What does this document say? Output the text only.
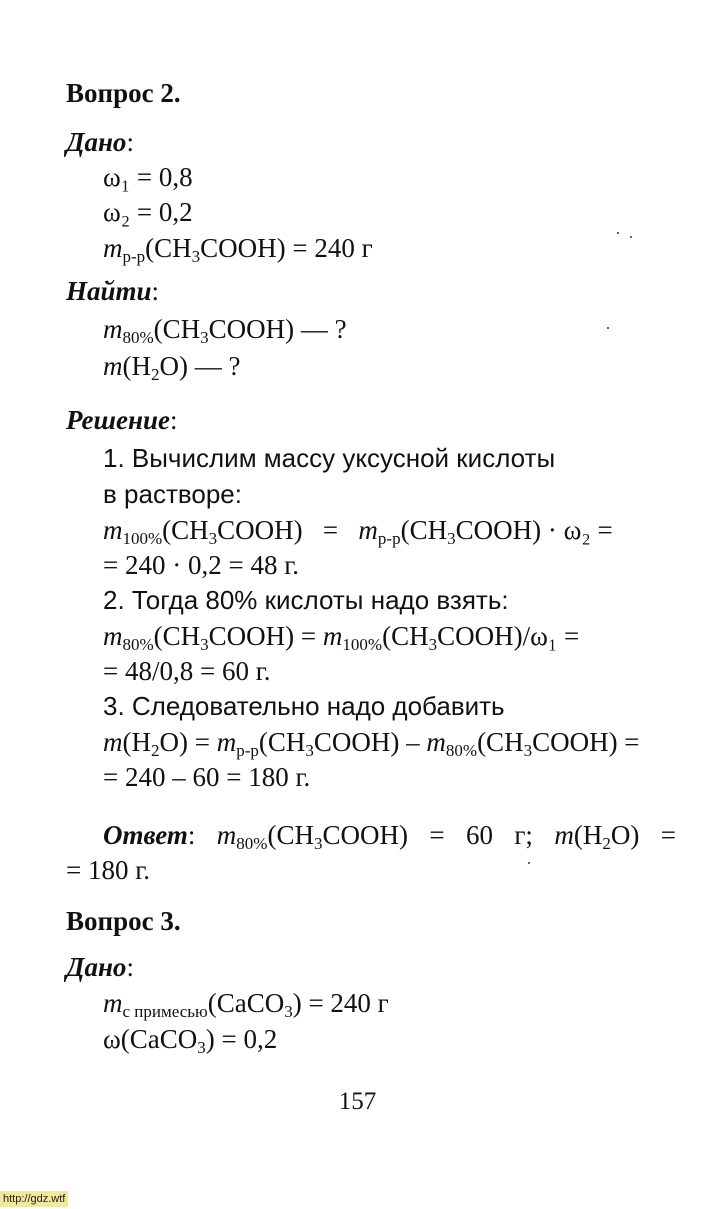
Вопрос 2.
Дано:
ω₁ = 0,8
ω₂ = 0,2
$m_{р-р}(CH_3COOH) = 240$ г
Найти:
$m_{80\%}(CH_3COOH)$ — ?
$m(H_2O)$ — ?
Решение:
1. Вычислим массу уксусной кислоты
в растворе:
$m_{100\%}(CH_3COOH)$ = $m_{р-р}(CH_3COOH) \cdot \omega_2$ =
= 240 · 0,2 = 48 г.
2. Тогда 80% кислоты надо взять:
$m_{80\%}(CH_3COOH)$ = $m_{100\%}(CH_3COOH)/\omega_1$ =
= 48/0,8 = 60 г.
3. Следовательно надо добавить
$m(H_2O)$ = $m_{р-р}(CH_3COOH)$ – $m_{80\%}(CH_3COOH)$ =
= 240 – 60 = 180 г.
Ответ: $m_{80\%}(CH_3COOH) = 60$ г; $m(H_2O)$ =
= 180 г.
Вопрос 3.
Дано:
$m_{с примесью}(CaCO_3) = 240$ г
ω(CaCO$_3$) = 0,2
157
http://gdz.wtf
